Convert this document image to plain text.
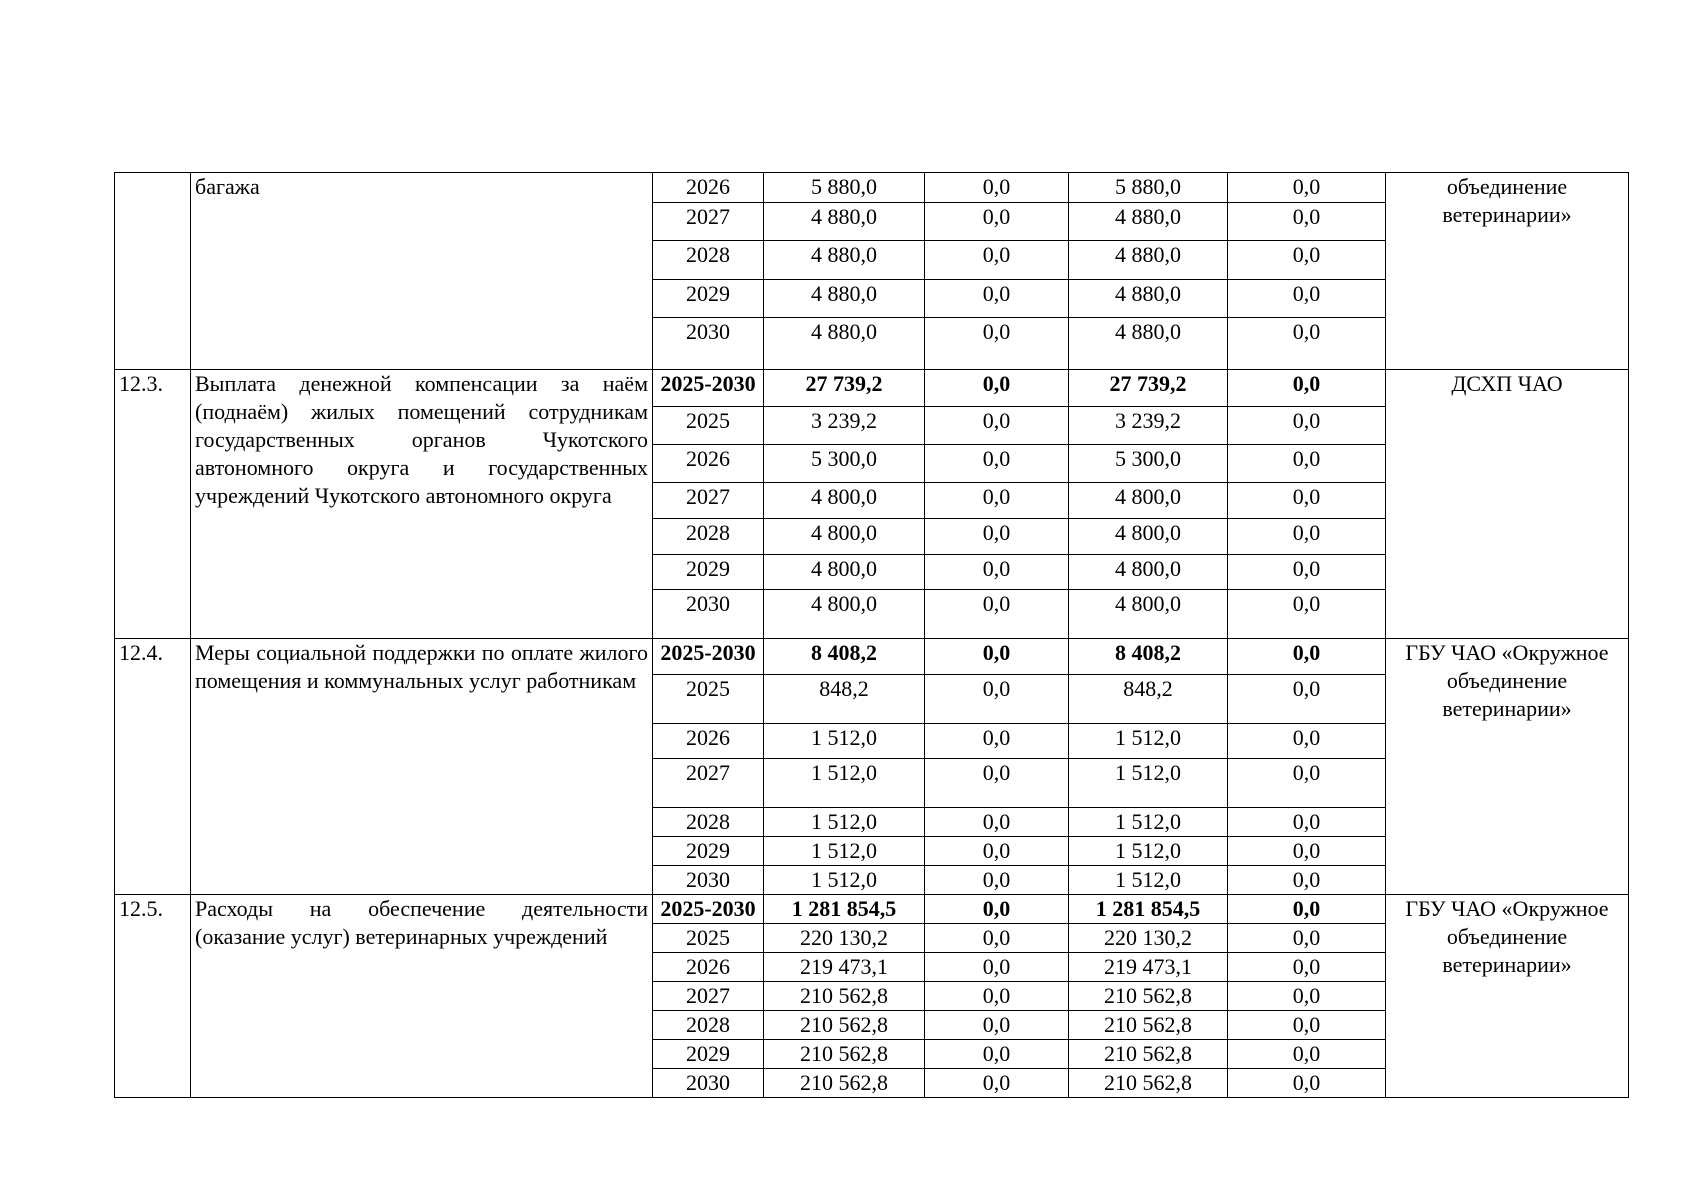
	багажа	2026	5 880,0	0,0	5 880,0	0,0	объединение ветеринарии»
		2027	4 880,0	0,0	4 880,0	0,0	
		2028	4 880,0	0,0	4 880,0	0,0	
		2029	4 880,0	0,0	4 880,0	0,0	
		2030	4 880,0	0,0	4 880,0	0,0	
12.3.	Выплата денежной компенсации за наём (поднаём) жилых помещений сотрудникам государственных органов Чукотского автономного округа и государственных учреждений Чукотского автономного округа	2025-2030	27 739,2	0,0	27 739,2	0,0	ДСХП ЧАО
		2025	3 239,2	0,0	3 239,2	0,0	
		2026	5 300,0	0,0	5 300,0	0,0	
		2027	4 800,0	0,0	4 800,0	0,0	
		2028	4 800,0	0,0	4 800,0	0,0	
		2029	4 800,0	0,0	4 800,0	0,0	
		2030	4 800,0	0,0	4 800,0	0,0	
12.4.	Меры социальной поддержки по оплате жилого помещения и коммунальных услуг работникам	2025-2030	8 408,2	0,0	8 408,2	0,0	ГБУ ЧАО «Окружное объединение ветеринарии»
		2025	848,2	0,0	848,2	0,0	
		2026	1 512,0	0,0	1 512,0	0,0	
		2027	1 512,0	0,0	1 512,0	0,0	
		2028	1 512,0	0,0	1 512,0	0,0	
		2029	1 512,0	0,0	1 512,0	0,0	
		2030	1 512,0	0,0	1 512,0	0,0	
12.5.	Расходы на обеспечение деятельности (оказание услуг) ветеринарных учреждений	2025-2030	1 281 854,5	0,0	1 281 854,5	0,0	ГБУ ЧАО «Окружное объединение ветеринарии»
		2025	220 130,2	0,0	220 130,2	0,0	
		2026	219 473,1	0,0	219 473,1	0,0	
		2027	210 562,8	0,0	210 562,8	0,0	
		2028	210 562,8	0,0	210 562,8	0,0	
		2029	210 562,8	0,0	210 562,8	0,0	
		2030	210 562,8	0,0	210 562,8	0,0	
